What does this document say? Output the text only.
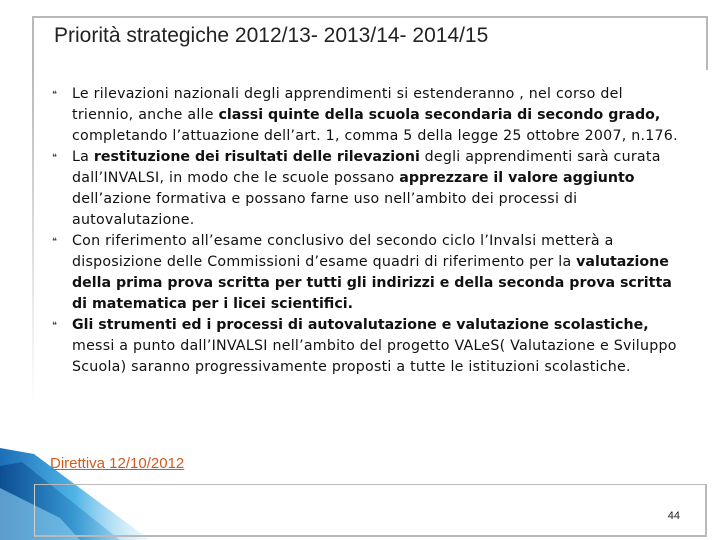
Priorità strategiche 2012/13- 2013/14- 2014/15
❝ Le rilevazioni nazionali degli apprendimenti si estenderanno , nel corso del triennio, anche alle classi quinte della scuola secondaria di secondo grado, completando l’attuazione dell’art. 1, comma 5 della legge 25 ottobre 2007, n.176.
❝ La restituzione dei risultati delle rilevazioni degli apprendimenti sarà curata dall’INVALSI, in modo che le scuole possano apprezzare il valore aggiunto dell’azione formativa e possano farne uso nell’ambito dei processi di autovalutazione.
❝ Con riferimento all’esame conclusivo del secondo ciclo l’Invalsi metterà a disposizione delle Commissioni d’esame quadri di riferimento per la valutazione della prima prova scritta per tutti gli indirizzi e della seconda prova scritta di matematica per i licei scientifici.
❝ Gli strumenti ed i processi di autovalutazione e valutazione scolastiche, messi a punto dall’INVALSI nell’ambito del progetto VALeS( Valutazione e Sviluppo Scuola) saranno progressivamente proposti a tutte le istituzioni scolastiche.
Direttiva 12/10/2012
44
